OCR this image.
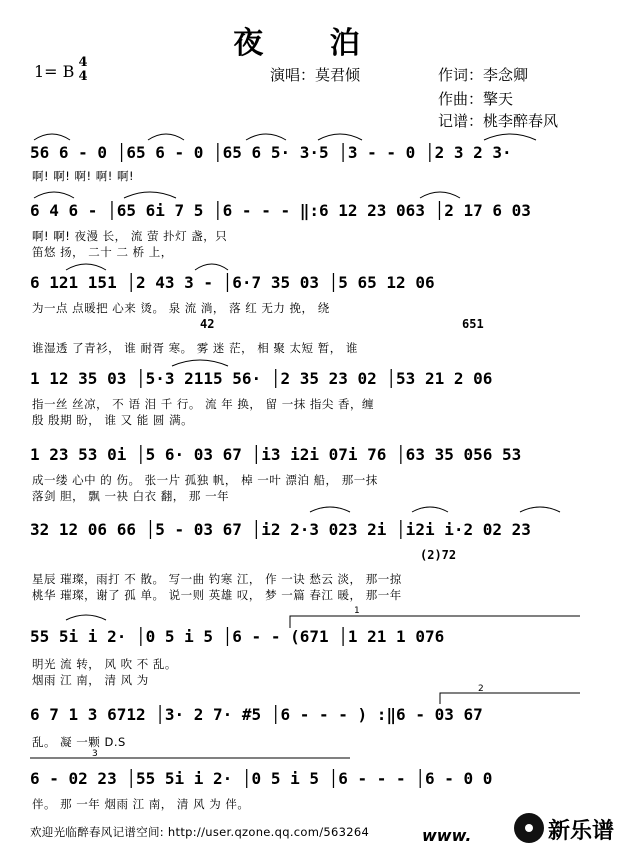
夜 泊
1= B 4
4	演唱：莫君倾	作词：李念卿
作曲：擎天
记谱：桃李醉春风
56 6 - 0 │65 6 - 0 │65 6 5· 3·5 │3 - - 0 │2 3 2 3·
啊! 啊! 啊! 啊! 啊!
6 4 6 - │65 6i 7 5 │6 - - - ‖:6 12 23 063 │2 17 6 03
啊! 啊! 夜漫 长， 流 萤 扑灯 盏，只
笛悠 扬， 二十 二 桥 上，
6 121 151 │2 43 3 - │6·7 35 03 │5 65 12 06
为一点 点暖把 心来 烫。 泉 流 淌， 落 红 无力 挽， 绕
42	651
谁湿透 了青衫， 谁 耐胥 寒。 雾 迷 茫， 相 聚 太短 暂， 谁
1 12 35 03 │5·3 2115 56· │2 35 23 02 │53 21 2 06
指一丝 丝凉， 不 语 泪 千 行。 流 年 换， 留 一抹 指尖 香，缠
殷 殷期 盼， 谁 又 能 圆 满。
1 23 53 0i │5 6· 03 67 │i3 i2i 07i 76 │63 35 056 53
成一缕 心中 的 伤。 张一片 孤独 帆， 棹 一叶 漂泊 船， 那一抹
落剑 胆， 飘 一袂 白衣 翻， 那 一年
32 12 06 66 │5 - 03 67 │i2 2·3 023 2i │i2i i·2 02 23
(2)72
星辰 璀璨，雨打 不 散。 写一曲 钓寒 江， 作 一诀 愁云 淡， 那一掠
桃华 璀璨，谢了 孤 单。 说一则 英雄 叹， 梦 一篇 春江 暖， 那一年
55 5i i 2· │0 5 i 5 │6 - - (671 │1 21 1 076
明光 流 转， 风 吹 不 乱。
烟雨 江 南， 清 风 为
6 7 1 3 6712 │3· 2 7· #5 │6 - - - ) :‖6 - 03 67
乱。 凝 一颗 D.S
6 - 02 23 │55 5i i 2· │0 5 i 5 │6 - - - │6 - 0 0
伴。 那 一年 烟雨 江 南， 清 风 为 伴。
1
2
3
欢迎光临醉春风记谱空间: http://user.qzone.qq.com/563264	www.	新乐谱
